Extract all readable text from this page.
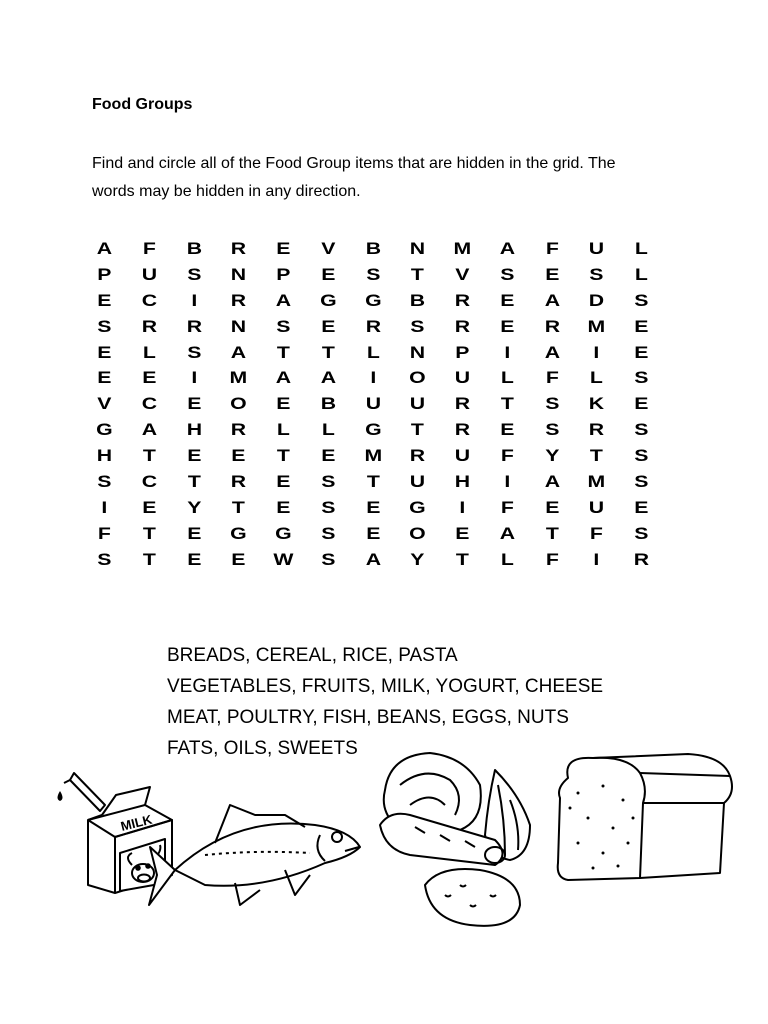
Food Groups
Find and circle all of the Food Group items that are hidden in the grid. The words may be hidden in any direction.
A	F	B	R	E	V	B	N	M	A	F	U	L
P	U	S	N	P	E	S	T	V	S	E	S	L
E	C	I	R	A	G	G	B	R	E	A	D	S
S	R	R	N	S	E	R	S	R	E	R	M	E
E	L	S	A	T	T	L	N	P	I	A	I	E
E	E	I	M	A	A	I	O	U	L	F	L	S
V	C	E	O	E	B	U	U	R	T	S	K	E
G	A	H	R	L	L	G	T	R	E	S	R	S
H	T	E	E	T	E	M	R	U	F	Y	T	S
S	C	T	R	E	S	T	U	H	I	A	M	S
I	E	Y	T	E	S	E	G	I	F	E	U	E
F	T	E	G	G	S	E	O	E	A	T	F	S
S	T	E	E	W	S	A	Y	T	L	F	I	R
BREADS, CEREAL, RICE, PASTA
VEGETABLES, FRUITS, MILK, YOGURT, CHEESE
MEAT, POULTRY, FISH, BEANS, EGGS, NUTS
FATS, OILS, SWEETS
MILK
